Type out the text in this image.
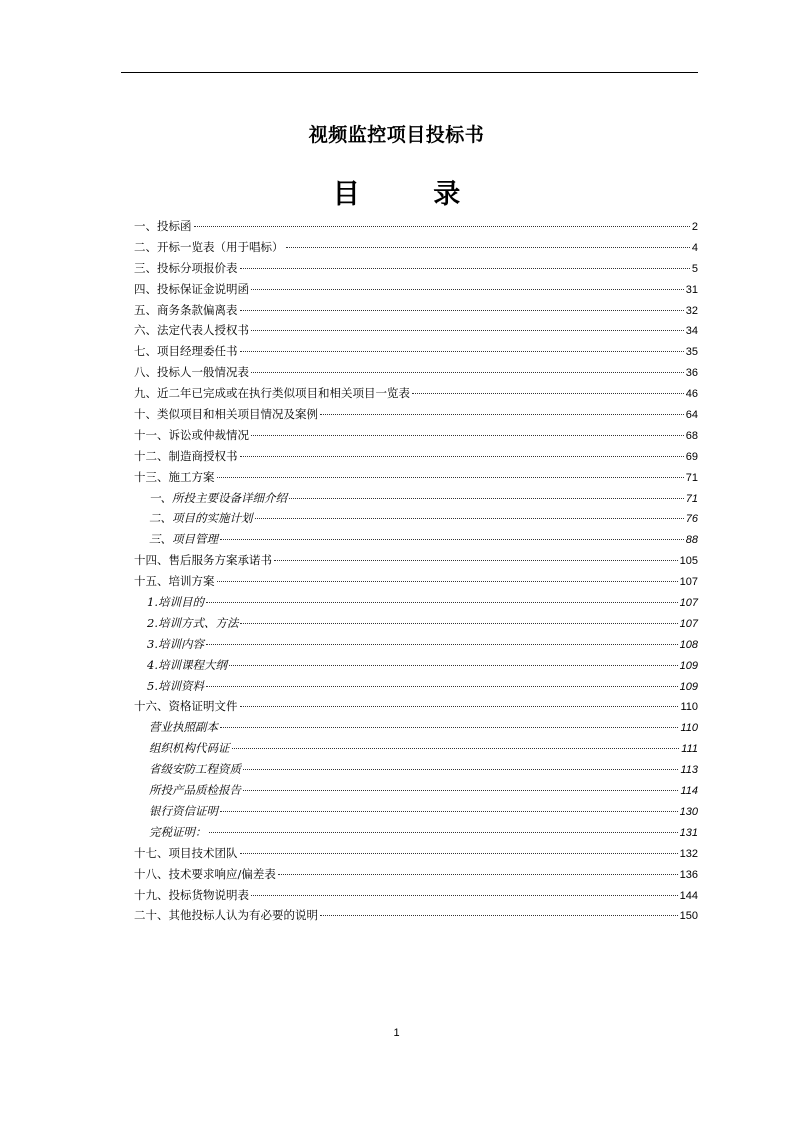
视频监控项目投标书
目 录
一、投标函	2
二、开标一览表（用于唱标）	4
三、投标分项报价表	5
四、投标保证金说明函	31
五、商务条款偏离表	32
六、法定代表人授权书	34
七、项目经理委任书	35
八、投标人一般情况表	36
九、近二年已完成或在执行类似项目和相关项目一览表	46
十、类似项目和相关项目情况及案例	64
十一、诉讼或仲裁情况	68
十二、制造商授权书	69
十三、施工方案	71
一、所投主要设备详细介绍	71
二、项目的实施计划	76
三、项目管理	88
十四、售后服务方案承诺书	105
十五、培训方案	107
1.培训目的	107
2.培训方式、方法	107
3.培训内容	108
4.培训课程大纲	109
5.培训资料	109
十六、资格证明文件	110
营业执照副本	110
组织机构代码证	111
省级安防工程资质	113
所投产品质检报告	114
银行资信证明	130
完税证明：	131
十七、项目技术团队	132
十八、技术要求响应/偏差表	136
十九、投标货物说明表	144
二十、其他投标人认为有必要的说明	150
1
